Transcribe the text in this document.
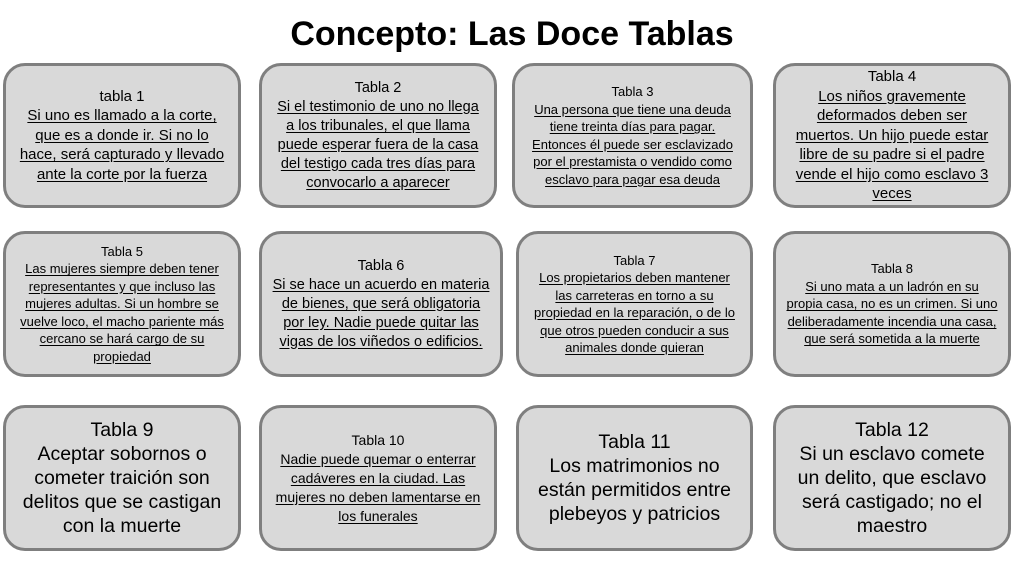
Concepto: Las Doce Tablas
tabla 1
Si uno es llamado a la corte, que es a donde ir. Si no lo hace, será capturado y llevado ante la corte por la fuerza
Tabla 2
Si el testimonio de uno no llega a los tribunales, el que llama puede esperar fuera de la casa del testigo cada tres días para convocarlo a aparecer
Tabla 3
Una persona que tiene una deuda tiene treinta días para pagar. Entonces él puede ser esclavizado por el prestamista o vendido como esclavo para pagar esa deuda
Tabla 4
Los niños gravemente deformados deben ser muertos. Un hijo puede estar libre de su padre si el padre vende el hijo como esclavo 3 veces
Tabla 5
Las mujeres siempre deben tener representantes y que incluso las mujeres adultas. Si un hombre se vuelve loco, el macho pariente más cercano se hará cargo de su propiedad
Tabla 6
Si se hace un acuerdo en materia de bienes, que será obligatoria por ley. Nadie puede quitar las vigas de los viñedos o edificios.
Tabla 7
Los propietarios deben mantener las carreteras en torno a su propiedad en la reparación, o de lo que otros pueden conducir a sus animales donde quieran
Tabla 8
Si uno mata a un ladrón en su propia casa, no es un crimen. Si uno deliberadamente incendia una casa, que será sometida a la muerte
Tabla 9
Aceptar sobornos o cometer traición son delitos que se castigan con la muerte
Tabla 10
Nadie puede quemar o enterrar cadáveres en la ciudad. Las mujeres no deben lamentarse en los funerales
Tabla 11
Los matrimonios no están permitidos entre plebeyos y patricios
Tabla 12
Si un esclavo comete un delito, que esclavo será castigado; no el maestro
